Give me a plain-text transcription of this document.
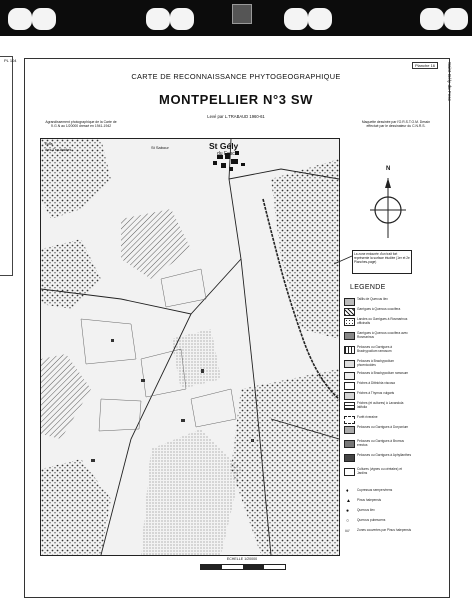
PL 104
Planche 16	Saint-Gély-du-Fesc
CARTE DE RECONNAISSANCE PHYTOGEOGRAPHIQUE
MONTPELLIER N°3 SW
Levé par L.TRABAUD 1960-61
Agrandissement photographique de la Carte de l'I.G.N au 1/20000 dressé en 1941-1942
Maquette dessinée par l'O.R.S.T.O.M. Dessin effectué par le dessinateur du C.N.R.S.
St Gély
du Fesc
Bois
des Troubades	St Sabour
N
La zone entourée d'un trait fort représente la surface étudiée (1er et 2e Planches-page)
LEGENDE
Taillis de Quercus ilex
Garrigues à Quercus coccifera
Landes ou Garrigues à Rosmarinus officinalis
Garrigues à Quercus coccifera avec Rosmarinus
Pelouses ou Garrigues à Brachypodium ramosum
Pelouses à Brachypodium phoenicoides
Pelouses à Brachypodium ramosum
Friches à Dittrichia viscosa
Friches à Thymus vulgaris
Friches (et cultures) à Lavandula latifolia
Forêt riveraine
Pelouses ou Garrigues à Dorycnium
Pelouses ou Garrigues à Bromus erectus
Pelouses ou Garrigues à Aphyllanthes
Cultures (vignes ou céréales) et Jardins
♦	Cupressus sempervirens
▲ Pinus halepensis
● Quercus ilex
○ Quercus pubescens
//// Zones couvertes par Pinus halepensis
ECHELLE 1/20000
